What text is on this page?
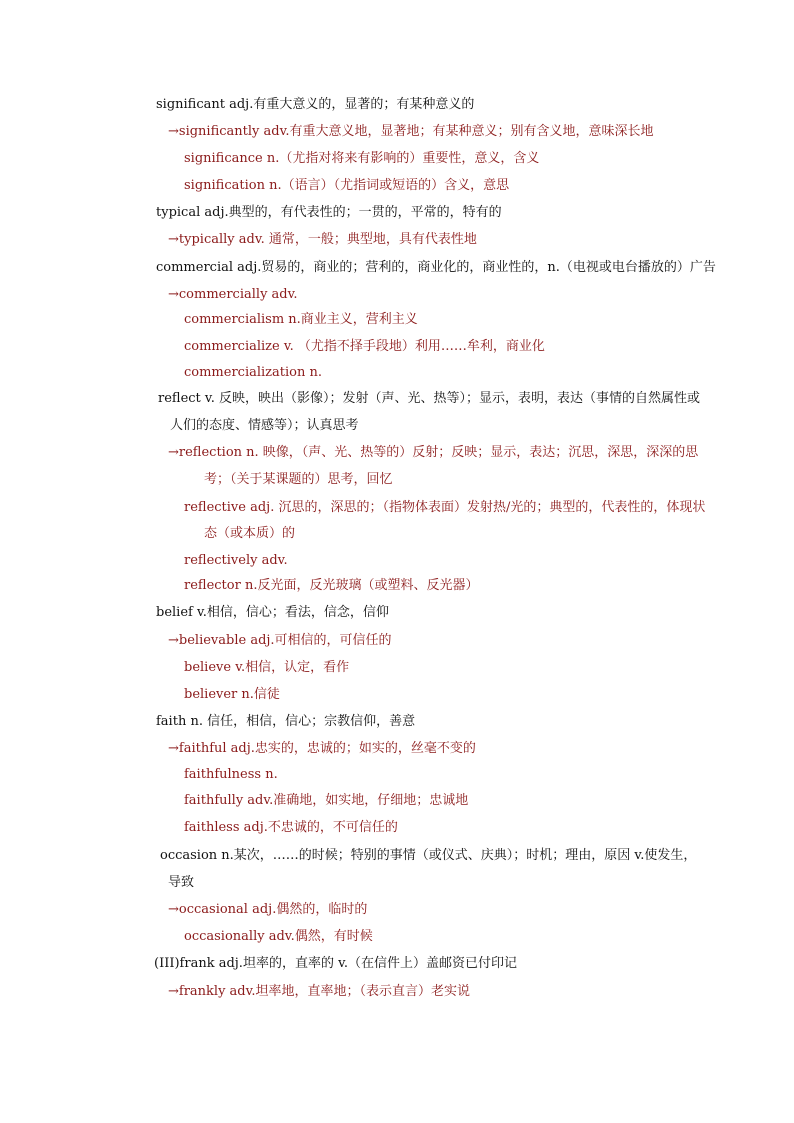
significant adj.有重大意义的，显著的；有某种意义的
→significantly adv.有重大意义地，显著地；有某种意义；别有含义地，意味深长地
significance n.（尤指对将来有影响的）重要性，意义，含义
signification n.（语言）（尤指词或短语的）含义，意思
typical adj.典型的，有代表性的；一贯的，平常的，特有的
→typically adv. 通常，一般；典型地，具有代表性地
commercial adj.贸易的，商业的；营利的，商业化的，商业性的，n.（电视或电台播放的）广告
→commercially adv.
commercialism n.商业主义，营利主义
commercialize v. （尤指不择手段地）利用……牟利，商业化
commercialization n.
reflect v. 反映，映出（影像）；发射（声、光、热等）；显示，表明，表达（事情的自然属性或
人们的态度、情感等）；认真思考
→reflection n. 映像，（声、光、热等的）反射；反映；显示，表达；沉思，深思，深深的思
考；（关于某课题的）思考，回忆
reflective adj. 沉思的，深思的；（指物体表面）发射热/光的；典型的，代表性的，体现状
态（或本质）的
reflectively adv.
reflector n.反光面，反光玻璃（或塑料、反光器）
belief v.相信，信心；看法，信念，信仰
→believable adj.可相信的，可信任的
believe v.相信，认定，看作
believer n.信徒
faith n. 信任，相信，信心；宗教信仰，善意
→faithful adj.忠实的，忠诚的；如实的，丝毫不变的
faithfulness n.
faithfully adv.准确地，如实地，仔细地；忠诚地
faithless adj.不忠诚的，不可信任的
occasion n.某次，……的时候；特别的事情（或仪式、庆典）；时机；理由，原因 v.使发生，
导致
→occasional adj.偶然的，临时的
occasionally adv.偶然，有时候
(III)frank adj.坦率的，直率的 v.（在信件上）盖邮资已付印记
→frankly adv.坦率地，直率地；（表示直言）老实说
